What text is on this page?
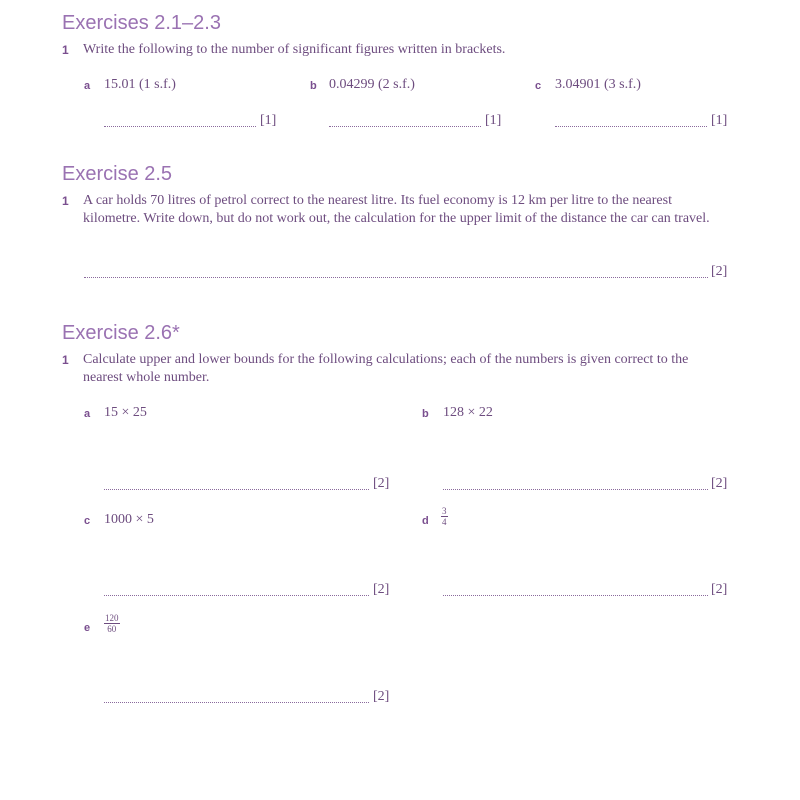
Exercises 2.1–2.3
1 Write the following to the number of significant figures written in brackets.
a 15.01 (1 s.f.)	b 0.04299 (2 s.f.)	c 3.04901 (3 s.f.)
[1]	[1]	[1]
Exercise 2.5
1 A car holds 70 litres of petrol correct to the nearest litre. Its fuel economy is 12 km per litre to the nearest kilometre. Write down, but do not work out, the calculation for the upper limit of the distance the car can travel.
[2]
Exercise 2.6*
1 Calculate upper and lower bounds for the following calculations; each of the numbers is given correct to the nearest whole number.
a 15 × 25	b 128 × 22
[2]	[2]
c 1000 × 5	d $\frac{3}{4}$
[2]	[2]
e $\frac{120}{60}$
[2]
